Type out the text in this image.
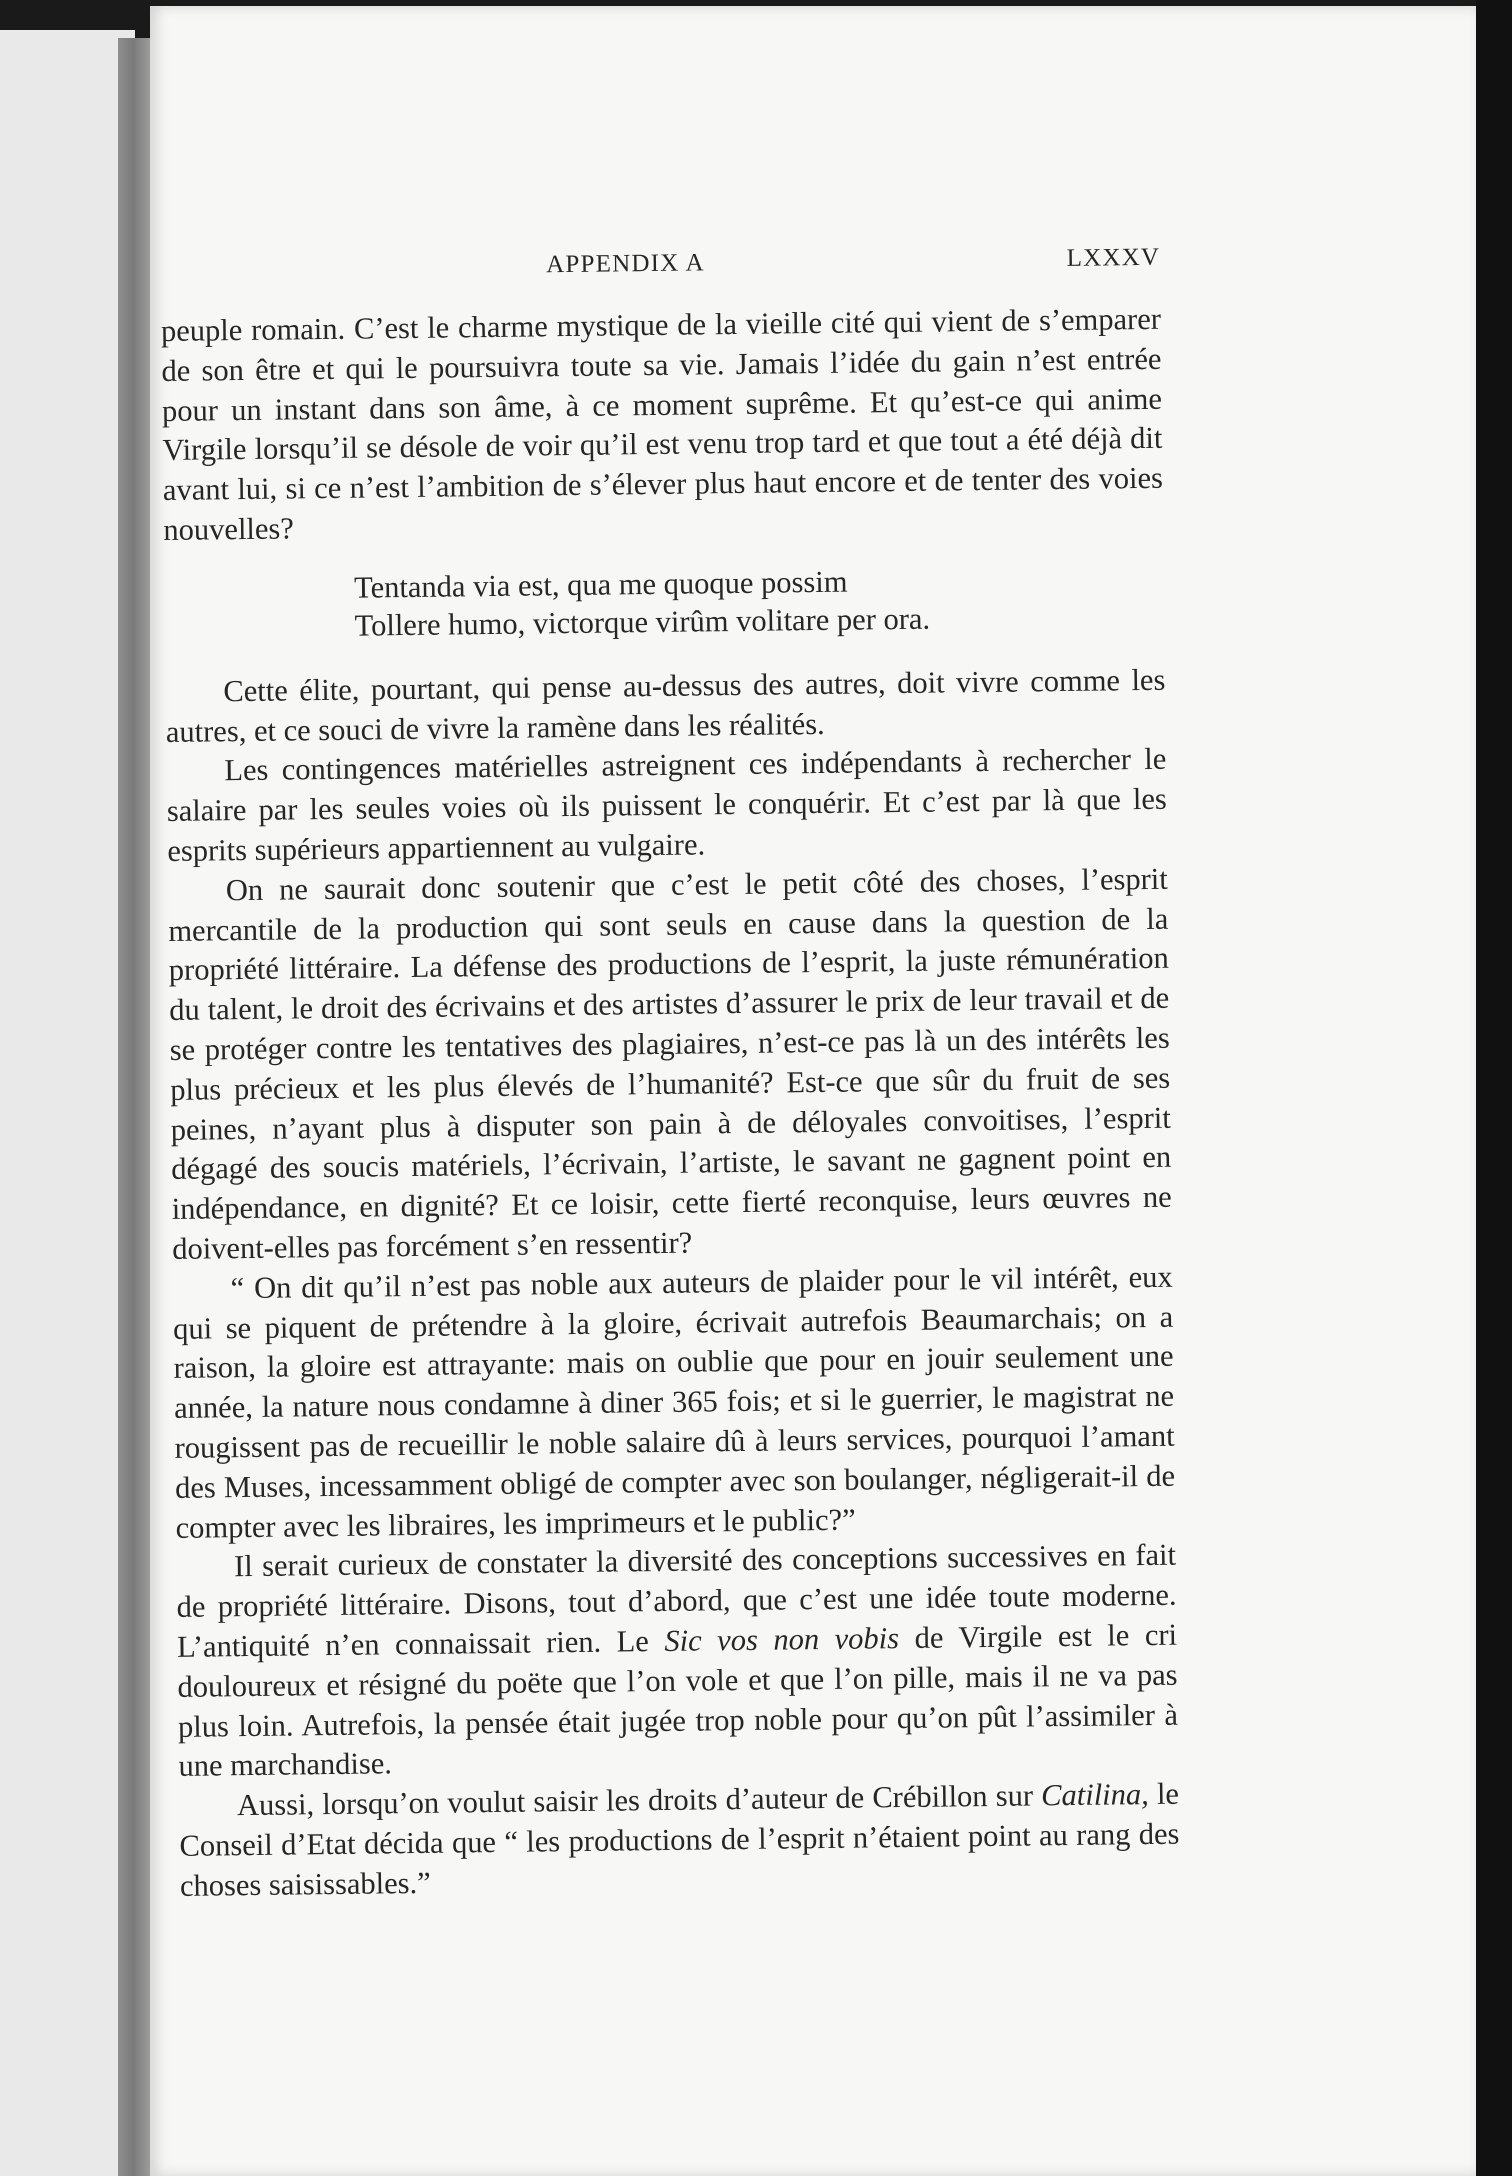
APPENDIX A	LXXXV

peuple romain. C’est le charme mystique de la vieille cité qui vient de s’emparer de son être et qui le poursuivra toute sa vie. Jamais l’idée du gain n’est entrée pour un instant dans son âme, à ce moment suprême. Et qu’est-ce qui anime Virgile lorsqu’il se désole de voir qu’il est venu trop tard et que tout a été déjà dit avant lui, si ce n’est l’ambition de s’élever plus haut encore et de tenter des voies nouvelles?

Tentanda via est, qua me quoque possim
Tollere humo, victorque virûm volitare per ora.

Cette élite, pourtant, qui pense au-dessus des autres, doit vivre comme les autres, et ce souci de vivre la ramène dans les réalités.

Les contingences matérielles astreignent ces indépendants à rechercher le salaire par les seules voies où ils puissent le conquérir. Et c’est par là que les esprits supérieurs appartiennent au vulgaire.

On ne saurait donc soutenir que c’est le petit côté des choses, l’esprit mercantile de la production qui sont seuls en cause dans la question de la propriété littéraire. La défense des productions de l’esprit, la juste rémunération du talent, le droit des écrivains et des artistes d’assurer le prix de leur travail et de se protéger contre les tentatives des plagiaires, n’est-ce pas là un des intérêts les plus précieux et les plus élevés de l’humanité? Est-ce que sûr du fruit de ses peines, n’ayant plus à disputer son pain à de déloyales convoitises, l’esprit dégagé des soucis matériels, l’écrivain, l’artiste, le savant ne gagnent point en indépendance, en dignité? Et ce loisir, cette fierté reconquise, leurs œuvres ne doivent-elles pas forcément s’en ressentir?

“ On dit qu’il n’est pas noble aux auteurs de plaider pour le vil intérêt, eux qui se piquent de prétendre à la gloire, écrivait autrefois Beaumarchais; on a raison, la gloire est attrayante: mais on oublie que pour en jouir seulement une année, la nature nous condamne à diner 365 fois; et si le guerrier, le magistrat ne rougissent pas de recueillir le noble salaire dû à leurs services, pourquoi l’amant des Muses, incessamment obligé de compter avec son boulanger, négligerait-il de compter avec les libraires, les imprimeurs et le public?”

Il serait curieux de constater la diversité des conceptions successives en fait de propriété littéraire. Disons, tout d’abord, que c’est une idée toute moderne. L’antiquité n’en connaissait rien. Le Sic vos non vobis de Virgile est le cri douloureux et résigné du poëte que l’on vole et que l’on pille, mais il ne va pas plus loin. Autrefois, la pensée était jugée trop noble pour qu’on pût l’assimiler à une marchandise.

Aussi, lorsqu’on voulut saisir les droits d’auteur de Crébillon sur Catilina, le Conseil d’Etat décida que “ les productions de l’esprit n’étaient point au rang des choses saisissables.”
